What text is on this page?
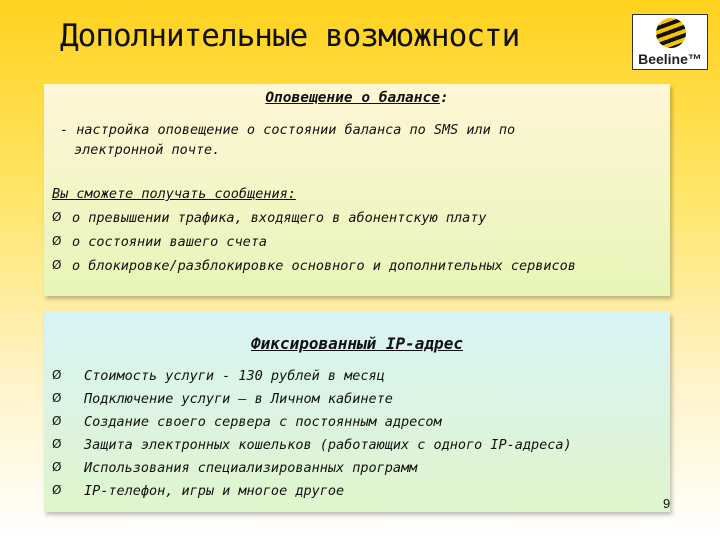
Дополнительные возможности
Beeline™
Оповещение о балансе:
- настройка оповещение о состоянии баланса по SMS или по
электронной почте.
Вы сможете получать сообщения:
Ø о превышении трафика, входящего в абонентскую плату
Ø о состоянии вашего счета
Ø о блокировке/разблокировке основного и дополнительных сервисов
Фиксированный IP-адрес
Ø	Стоимость услуги - 130 рублей в месяц
Ø	Подключение услуги – в Личном кабинете
Ø	Создание своего сервера с постоянным адресом
Ø	Защита электронных кошельков (работающих с одного IP-адреса)
Ø	Использования специализированных программ
Ø	IP-телефон, игры и многое другое
9
